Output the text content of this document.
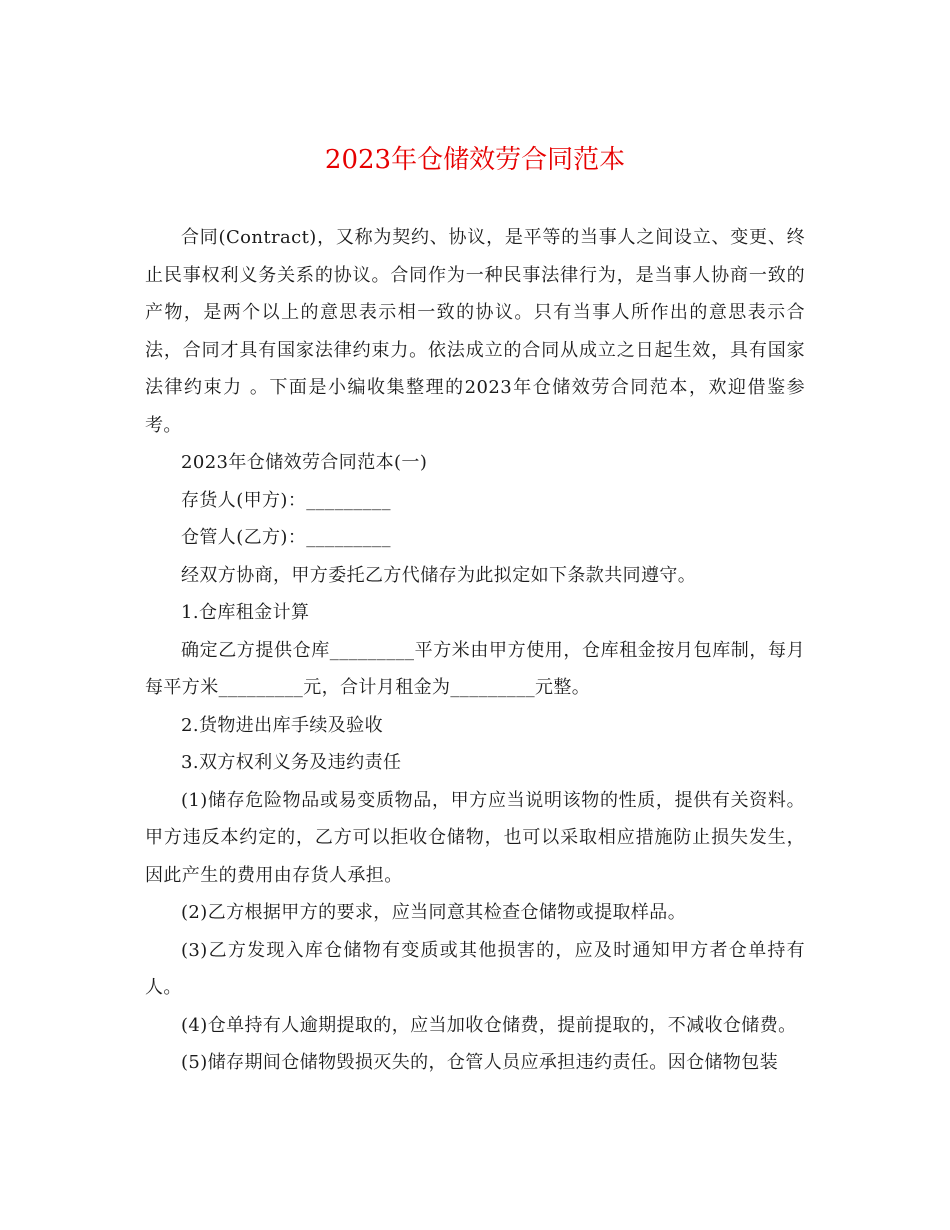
2023年仓储效劳合同范本

合同(Contract)，又称为契约、协议，是平等的当事人之间设立、变更、终止民事权利义务关系的协议。合同作为一种民事法律行为，是当事人协商一致的产物，是两个以上的意思表示相一致的协议。只有当事人所作出的意思表示合法，合同才具有国家法律约束力。依法成立的合同从成立之日起生效，具有国家法律约束力 。下面是小编收集整理的2023年仓储效劳合同范本，欢迎借鉴参考。

2023年仓储效劳合同范本(一)

存货人(甲方)：_________

仓管人(乙方)：_________

经双方协商，甲方委托乙方代储存为此拟定如下条款共同遵守。

1.仓库租金计算

确定乙方提供仓库_________平方米由甲方使用，仓库租金按月包库制，每月每平方米_________元，合计月租金为_________元整。

2.货物进出库手续及验收

3.双方权利义务及违约责任

(1)储存危险物品或易变质物品，甲方应当说明该物的性质，提供有关资料。甲方违反本约定的，乙方可以拒收仓储物，也可以采取相应措施防止损失发生，因此产生的费用由存货人承担。

(2)乙方根据甲方的要求，应当同意其检查仓储物或提取样品。

(3)乙方发现入库仓储物有变质或其他损害的，应及时通知甲方者仓单持有人。

(4)仓单持有人逾期提取的，应当加收仓储费，提前提取的，不减收仓储费。

(5)储存期间仓储物毁损灭失的，仓管人员应承担违约责任。因仓储物包装
